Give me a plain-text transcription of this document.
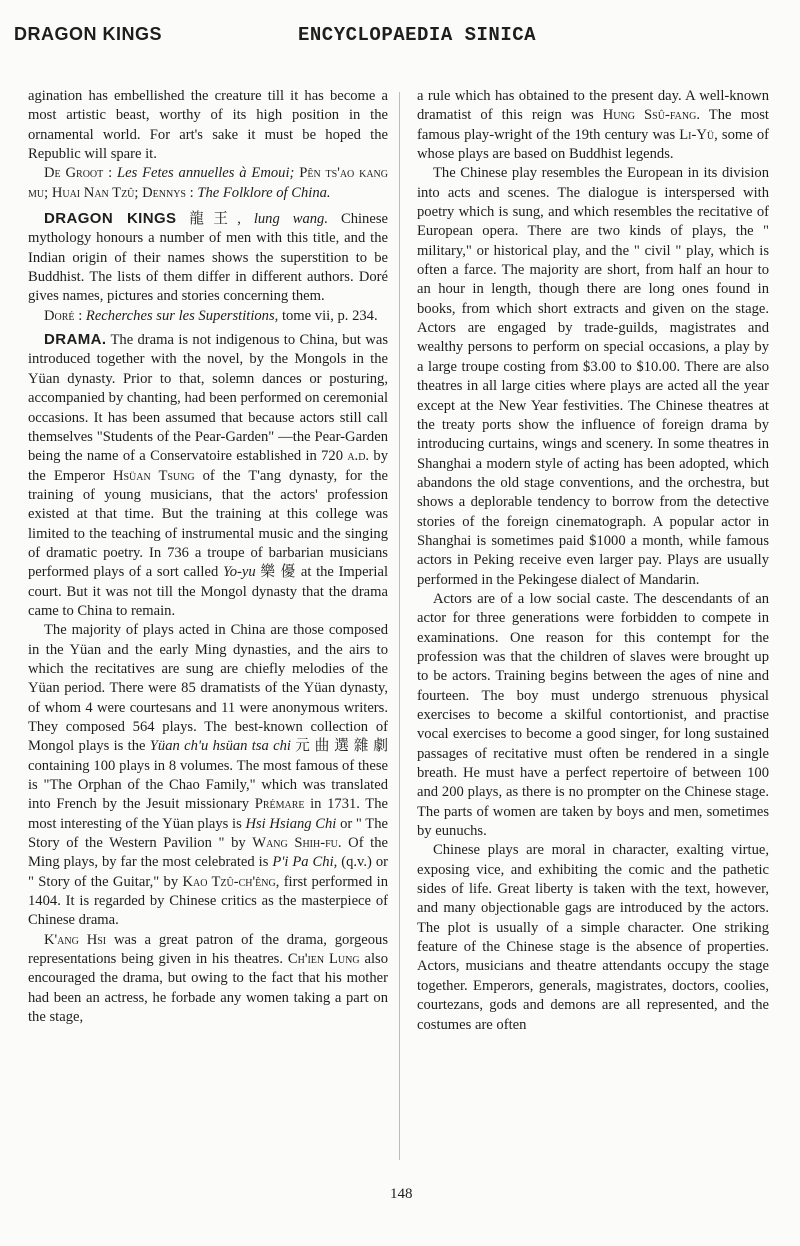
DRAGON KINGS	ENCYCLOPAEDIA SINICA

agination has embellished the creature till it has become a most artistic beast, worthy of its high position in the ornamental world. For art's sake it must be hoped the Republic will spare it.

De Groot : Les Fetes annuelles à Emoui; Pên ts'ao kang mu; Huai Nan Tzû; Dennys : The Folklore of China.

DRAGON KINGS 龍王, lung wang. Chinese mythology honours a number of men with this title, and the Indian origin of their names shows the superstition to be Buddhist. The lists of them differ in different authors. Doré gives names, pictures and stories concerning them.

Doré : Recherches sur les Superstitions, tome vii, p. 234.

DRAMA. The drama is not indigenous to China, but was introduced together with the novel, by the Mongols in the Yüan dynasty. Prior to that, solemn dances or posturing, accompanied by chanting, had been performed on ceremonial occasions. It has been assumed that because actors still call themselves "Students of the Pear-Garden" —the Pear-Garden being the name of a Conservatoire established in 720 a.d. by the Emperor Hsüan Tsung of the T'ang dynasty, for the training of young musicians, that the actors' profession existed at that time. But the training at this college was limited to the teaching of instrumental music and the singing of dramatic poetry. In 736 a troupe of barbarian musicians performed plays of a sort called Yo-yu 樂 優 at the Imperial court. But it was not till the Mongol dynasty that the drama came to China to remain.

The majority of plays acted in China are those composed in the Yüan and the early Ming dynasties, and the airs to which the recitatives are sung are chiefly melodies of the Yüan period. There were 85 dramatists of the Yüan dynasty, of whom 4 were courtesans and 11 were anonymous writers. They composed 564 plays. The best-known collection of Mongol plays is the Yüan ch'u hsüan tsa chi 元 曲 選 雜 劇 containing 100 plays in 8 volumes. The most famous of these is "The Orphan of the Chao Family," which was translated into French by the Jesuit missionary Prémare in 1731. The most interesting of the Yüan plays is Hsi Hsiang Chi or " The Story of the Western Pavilion " by Wang Shih-fu. Of the Ming plays, by far the most celebrated is P'i Pa Chi, (q.v.) or " Story of the Guitar," by Kao Tzû-ch'êng, first performed in 1404. It is regarded by Chinese critics as the masterpiece of Chinese drama.

K'ang Hsi was a great patron of the drama, gorgeous representations being given in his theatres. Ch'ien Lung also encouraged the drama, but owing to the fact that his mother had been an actress, he forbade any women taking a part on the stage,

a rule which has obtained to the present day. A well-known dramatist of this reign was Hung Ssû-fang. The most famous play-wright of the 19th century was Li-Yü, some of whose plays are based on Buddhist legends.

The Chinese play resembles the European in its division into acts and scenes. The dialogue is interspersed with poetry which is sung, and which resembles the recitative of European opera. There are two kinds of plays, the " military," or historical play, and the " civil " play, which is often a farce. The majority are short, from half an hour to an hour in length, though there are long ones found in books, from which short extracts and given on the stage. Actors are engaged by trade-guilds, magistrates and wealthy persons to perform on special occasions, a play by a large troupe costing from $3.00 to $10.00. There are also theatres in all large cities where plays are acted all the year except at the New Year festivities. The Chinese theatres at the treaty ports show the influence of foreign drama by introducing curtains, wings and scenery. In some theatres in Shanghai a modern style of acting has been adopted, which abandons the old stage conventions, and the orchestra, but shows a deplorable tendency to borrow from the detective stories of the foreign cinematograph. A popular actor in Shanghai is sometimes paid $1000 a month, while famous actors in Peking receive even larger pay. Plays are usually performed in the Pekingese dialect of Mandarin.

Actors are of a low social caste. The descendants of an actor for three generations were forbidden to compete in examinations. One reason for this contempt for the profession was that the children of slaves were brought up to be actors. Training begins between the ages of nine and fourteen. The boy must undergo strenuous physical exercises to become a skilful contortionist, and practise vocal exercises to become a good singer, for long sustained passages of recitative must often be rendered in a single breath. He must have a perfect repertoire of between 100 and 200 plays, as there is no prompter on the Chinese stage. The parts of women are taken by boys and men, sometimes by eunuchs.

Chinese plays are moral in character, exalting virtue, exposing vice, and exhibiting the comic and the pathetic sides of life. Great liberty is taken with the text, however, and many objectionable gags are introduced by the actors. The plot is usually of a simple character. One striking feature of the Chinese stage is the absence of properties. Actors, musicians and theatre attendants occupy the stage together. Emperors, generals, magistrates, doctors, coolies, courtezans, gods and demons are all represented, and the costumes are often

148
